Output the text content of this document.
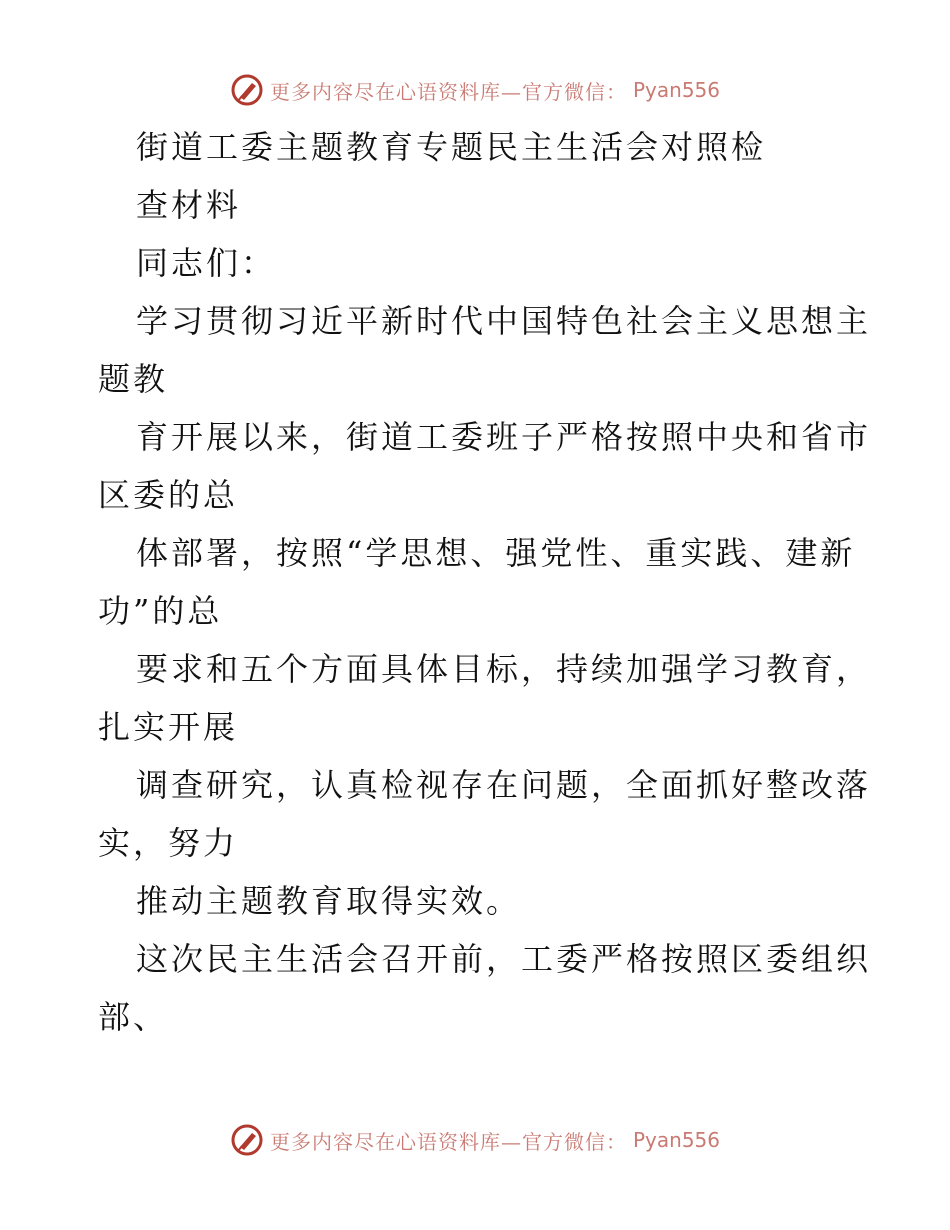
更多内容尽在心语资料库—官方微信： Pyan556
街道工委主题教育专题民主生活会对照检
查材料
同志们：
学习贯彻习近平新时代中国特色社会主义思想主
题教
育开展以来，街道工委班子严格按照中央和省市
区委的总
体部署，按照“学思想、强党性、重实践、建新
功”的总
要求和五个方面具体目标，持续加强学习教育，
扎实开展
调查研究，认真检视存在问题，全面抓好整改落
实，努力
推动主题教育取得实效。
这次民主生活会召开前，工委严格按照区委组织
部、
更多内容尽在心语资料库—官方微信： Pyan556
